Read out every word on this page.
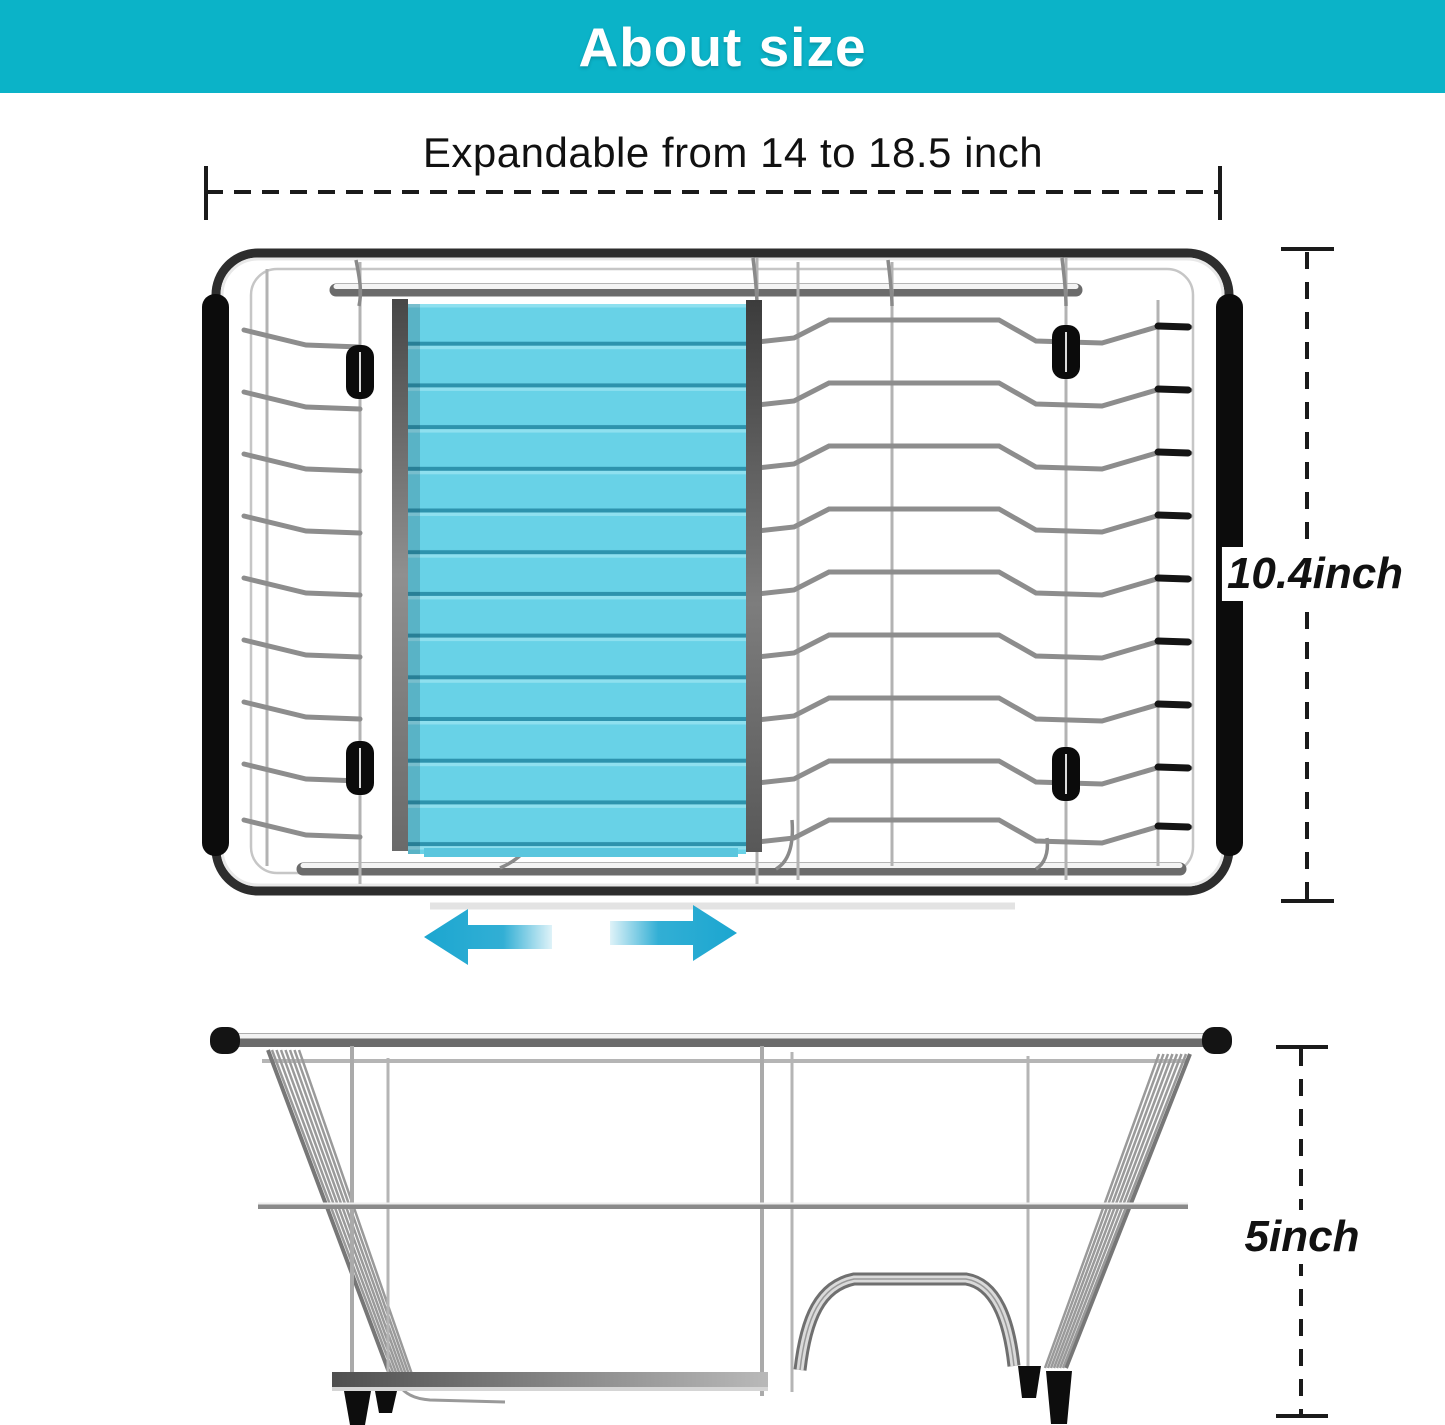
About size
Expandable from 14 to 18.5 inch
10.4inch
5inch
